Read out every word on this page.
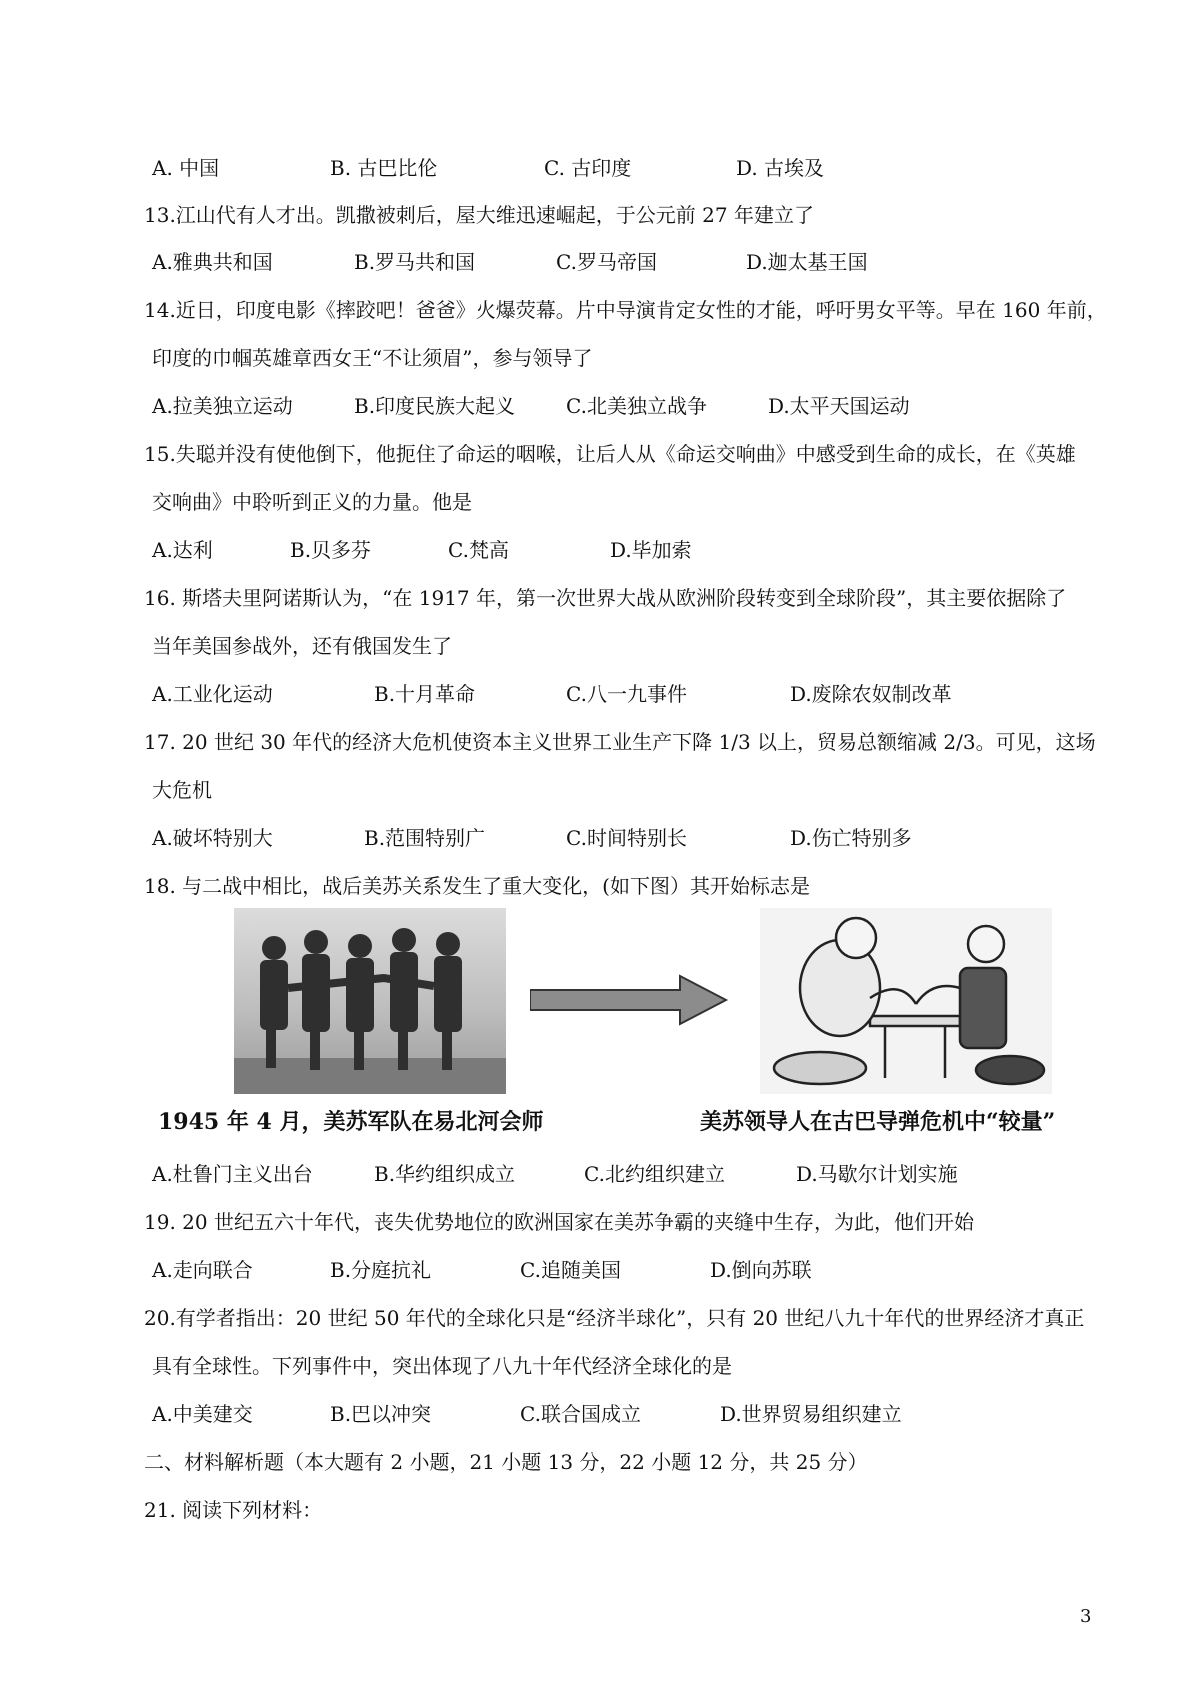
A. 中国	B. 古巴比伦	C. 古印度	D. 古埃及
13.江山代有人才出。凯撒被刺后，屋大维迅速崛起，于公元前 27 年建立了
A.雅典共和国	B.罗马共和国	C.罗马帝国	D.迦太基王国
14.近日，印度电影《摔跤吧！爸爸》火爆荧幕。片中导演肯定女性的才能，呼吁男女平等。早在 160 年前，
印度的巾帼英雄章西女王“不让须眉”，参与领导了
A.拉美独立运动	B.印度民族大起义	C.北美独立战争	D.太平天国运动
15.失聪并没有使他倒下，他扼住了命运的咽喉，让后人从《命运交响曲》中感受到生命的成长，在《英雄
交响曲》中聆听到正义的力量。他是
A.达利	B.贝多芬	C.梵高	D.毕加索
16. 斯塔夫里阿诺斯认为，“在 1917 年，第一次世界大战从欧洲阶段转变到全球阶段”，其主要依据除了
当年美国参战外，还有俄国发生了
A.工业化运动	B.十月革命	C.八一九事件	D.废除农奴制改革
17. 20 世纪 30 年代的经济大危机使资本主义世界工业生产下降 1/3 以上，贸易总额缩减 2/3。可见，这场
大危机
A.破坏特别大	B.范围特别广	C.时间特别长	D.伤亡特别多
18. 与二战中相比，战后美苏关系发生了重大变化，(如下图）其开始标志是
1945 年 4 月，美苏军队在易北河会师	美苏领导人在古巴导弹危机中“较量”
A.杜鲁门主义出台	B.华约组织成立	C.北约组织建立	D.马歇尔计划实施
19. 20 世纪五六十年代，丧失优势地位的欧洲国家在美苏争霸的夹缝中生存，为此，他们开始
A.走向联合	B.分庭抗礼	C.追随美国	D.倒向苏联
20.有学者指出：20 世纪 50 年代的全球化只是“经济半球化”，只有 20 世纪八九十年代的世界经济才真正
具有全球性。下列事件中，突出体现了八九十年代经济全球化的是
A.中美建交	B.巴以冲突	C.联合国成立	D.世界贸易组织建立
二、材料解析题（本大题有 2 小题，21 小题 13 分，22 小题 12 分，共 25 分）
21. 阅读下列材料：
3
